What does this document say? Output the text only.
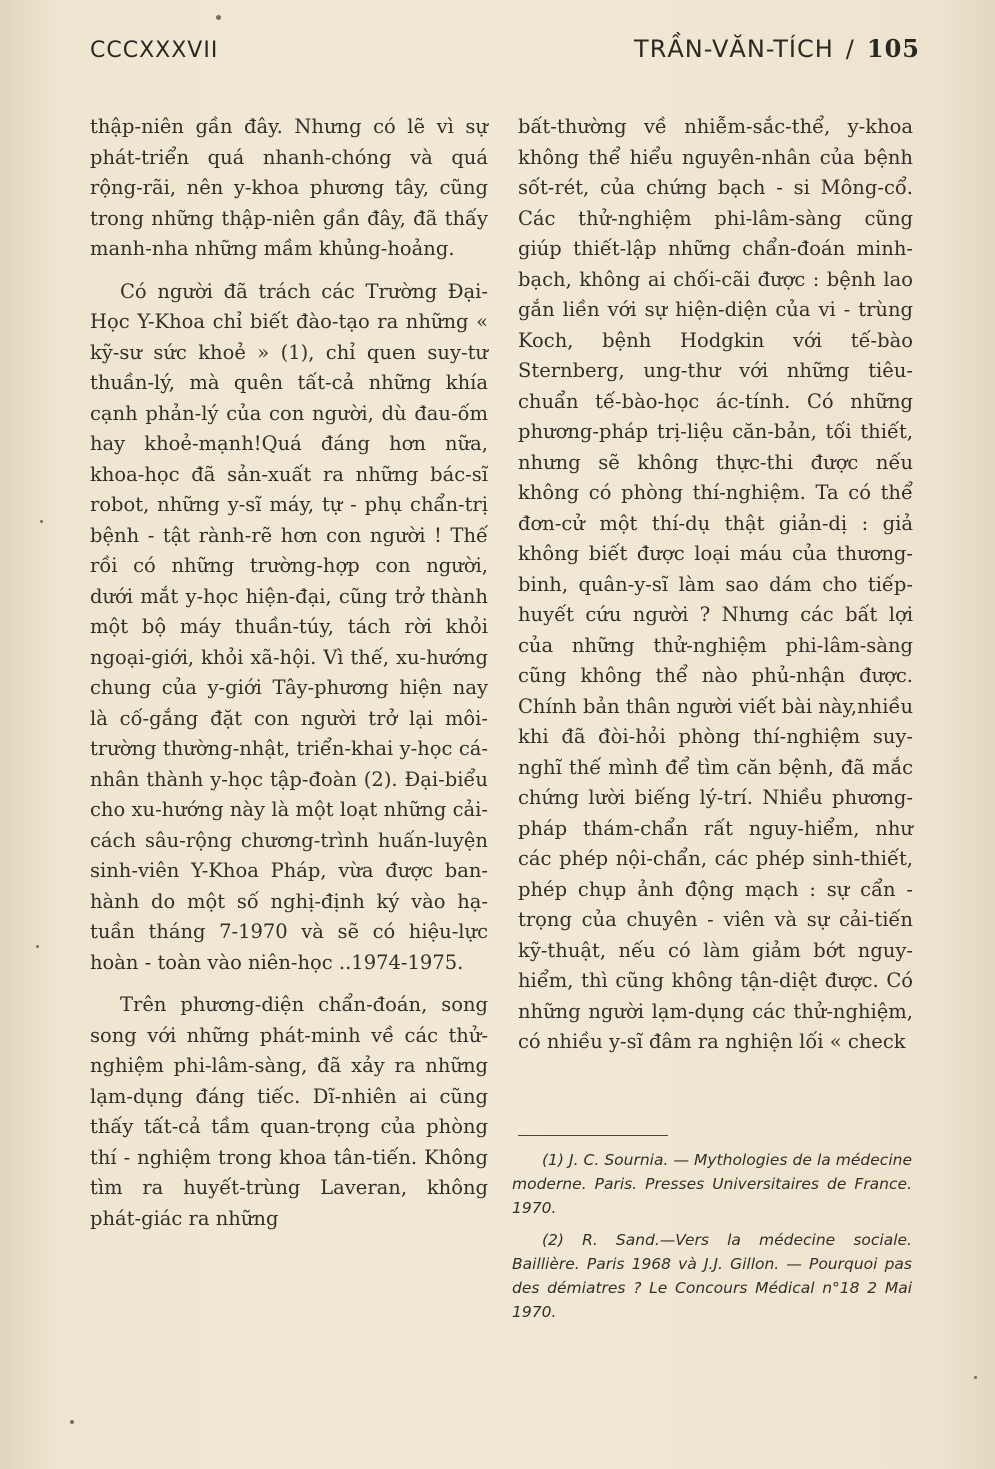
CCCXXXVII	TRẦN-VĂN-TÍCH / 105

thập-niên gần đây. Nhưng có lẽ vì sự phát-triển quá nhanh-chóng và quá rộng-rãi, nên y-khoa phương tây, cũng trong những thập-niên gần đây, đã thấy manh-nha những mầm khủng-hoảng.

Có người đã trách các Trường Đại-Học Y-Khoa chỉ biết đào-tạo ra những « kỹ-sư sức khoẻ » (1), chỉ quen suy-tư thuần-lý, mà quên tất-cả những khía cạnh phản-lý của con người, dù đau-ốm hay khoẻ-mạnh!Quá đáng hơn nữa, khoa-học đã sản-xuất ra những bác-sĩ robot, những y-sĩ máy, tự - phụ chẩn-trị bệnh - tật rành-rẽ hơn con người ! Thế rồi có những trường-hợp con người, dưới mắt y-học hiện-đại, cũng trở thành một bộ máy thuần-túy, tách rời khỏi ngoại-giới, khỏi xã-hội. Vì thế, xu-hướng chung của y-giới Tây-phương hiện nay là cố-gắng đặt con người trở lại môi-trường thường-nhật, triển-khai y-học cá-nhân thành y-học tập-đoàn (2). Đại-biểu cho xu-hướng này là một loạt những cải-cách sâu-rộng chương-trình huấn-luyện sinh-viên Y-Khoa Pháp, vừa được ban-hành do một số nghị-định ký vào hạ-tuần tháng 7-1970 và sẽ có hiệu-lực hoàn - toàn vào niên-học ..1974-1975.

Trên phương-diện chẩn-đoán, song song với những phát-minh về các thử-nghiệm phi-lâm-sàng, đã xảy ra những lạm-dụng đáng tiếc. Dĩ-nhiên ai cũng thấy tất-cả tầm quan-trọng của phòng thí - nghiệm trong khoa tân-tiến. Không tìm ra huyết-trùng Laveran, không phát-giác ra những

bất-thường về nhiễm-sắc-thể, y-khoa không thể hiểu nguyên-nhân của bệnh sốt-rét, của chứng bạch - si Mông-cổ. Các thử-nghiệm phi-lâm-sàng cũng giúp thiết-lập những chẩn-đoán minh-bạch, không ai chối-cãi được : bệnh lao gắn liền với sự hiện-diện của vi - trùng Koch, bệnh Hodgkin với tế-bào Sternberg, ung-thư với những tiêu-chuẩn tế-bào-học ác-tính. Có những phương-pháp trị-liệu căn-bản, tối thiết, nhưng sẽ không thực-thi được nếu không có phòng thí-nghiệm. Ta có thể đơn-cử một thí-dụ thật giản-dị : giả không biết được loại máu của thương-binh, quân-y-sĩ làm sao dám cho tiếp-huyết cứu người ? Nhưng các bất lợi của những thử-nghiệm phi-lâm-sàng cũng không thể nào phủ-nhận được. Chính bản thân người viết bài này,nhiều khi đã đòi-hỏi phòng thí-nghiệm suy-nghĩ thế mình để tìm căn bệnh, đã mắc chứng lười biếng lý-trí. Nhiều phương-pháp thám-chẩn rất nguy-hiểm, như các phép nội-chẩn, các phép sinh-thiết, phép chụp ảnh động mạch : sự cẩn - trọng của chuyên - viên và sự cải-tiến kỹ-thuật, nếu có làm giảm bớt nguy-hiểm, thì cũng không tận-diệt được. Có những người lạm-dụng các thử-nghiệm, có nhiều y-sĩ đâm ra nghiện lối « check

(1) J. C. Sournia. — Mythologies de la médecine moderne. Paris. Presses Universitaires de France. 1970.

(2) R. Sand.—Vers la médecine sociale. Baillière. Paris 1968 và J.J. Gillon. — Pourquoi pas des démiatres ? Le Concours Médical n°18 2 Mai 1970.
